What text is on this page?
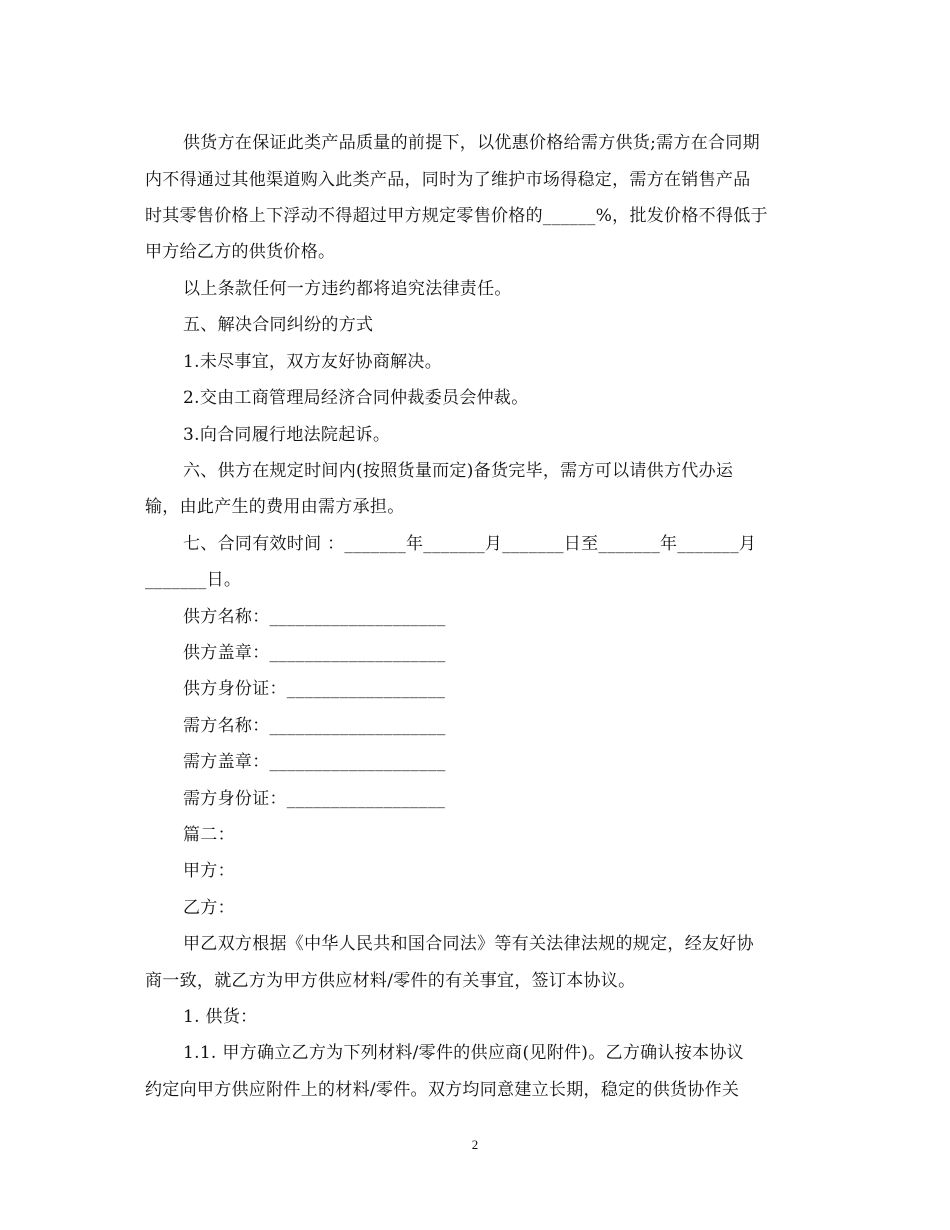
供货方在保证此类产品质量的前提下，以优惠价格给需方供货;需方在合同期
内不得通过其他渠道购入此类产品，同时为了维护市场得稳定，需方在销售产品
时其零售价格上下浮动不得超过甲方规定零售价格的______%，批发价格不得低于
甲方给乙方的供货价格。
以上条款任何一方违约都将追究法律责任。
五、解决合同纠纷的方式
1.未尽事宜，双方友好协商解决。
2.交由工商管理局经济合同仲裁委员会仲裁。
3.向合同履行地法院起诉。
六、供方在规定时间内(按照货量而定)备货完毕，需方可以请供方代办运
输，由此产生的费用由需方承担。
七、合同有效时间 ：_______年_______月_______日至_______年_______月
_______日。
供方名称：____________________
供方盖章：____________________
供方身份证：__________________
需方名称：____________________
需方盖章：____________________
需方身份证：__________________
篇二：
甲方：
乙方：
甲乙双方根据《中华人民共和国合同法》等有关法律法规的规定，经友好协
商一致，就乙方为甲方供应材料/零件的有关事宜，签订本协议。
1. 供货：
1.1. 甲方确立乙方为下列材料/零件的供应商(见附件)。乙方确认按本协议
约定向甲方供应附件上的材料/零件。双方均同意建立长期，稳定的供货协作关
2
